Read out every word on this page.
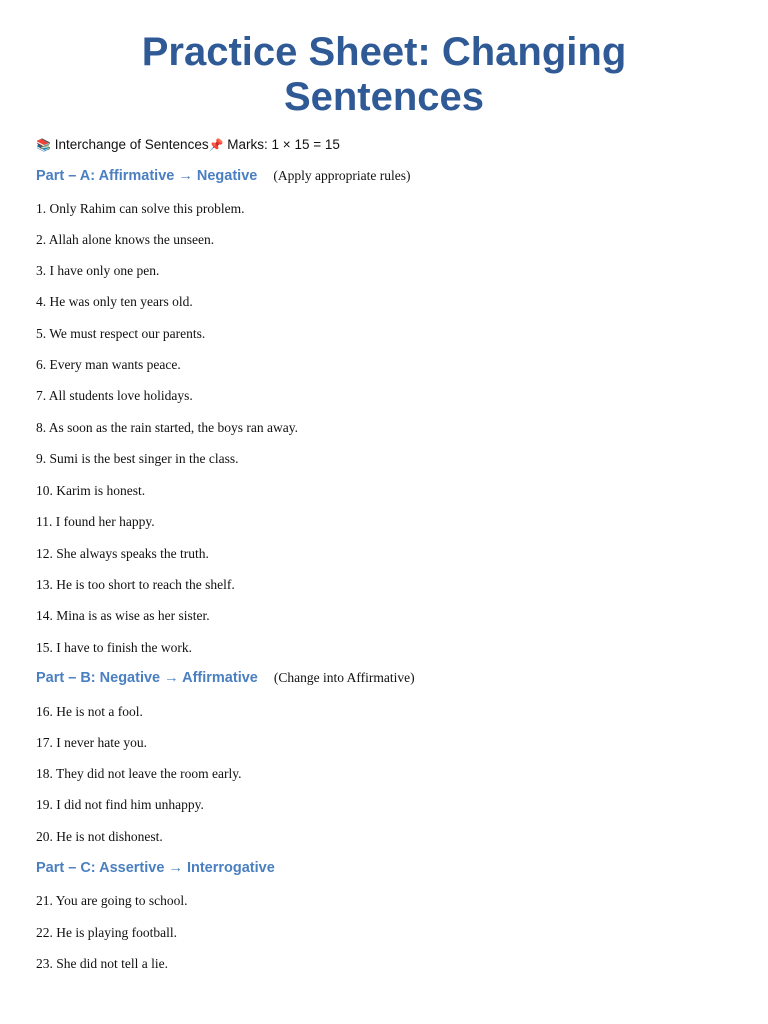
Practice Sheet: Changing
Sentences
📚 Interchange of Sentences📌 Marks: 1 × 15 = 15
Part – A: Affirmative → Negative (Apply appropriate rules)
1. Only Rahim can solve this problem.
2. Allah alone knows the unseen.
3. I have only one pen.
4. He was only ten years old.
5. We must respect our parents.
6. Every man wants peace.
7. All students love holidays.
8. As soon as the rain started, the boys ran away.
9. Sumi is the best singer in the class.
10. Karim is honest.
11. I found her happy.
12. She always speaks the truth.
13. He is too short to reach the shelf.
14. Mina is as wise as her sister.
15. I have to finish the work.
Part – B: Negative → Affirmative (Change into Affirmative)
16. He is not a fool.
17. I never hate you.
18. They did not leave the room early.
19. I did not find him unhappy.
20. He is not dishonest.
Part – C: Assertive → Interrogative
21. You are going to school.
22. He is playing football.
23. She did not tell a lie.
